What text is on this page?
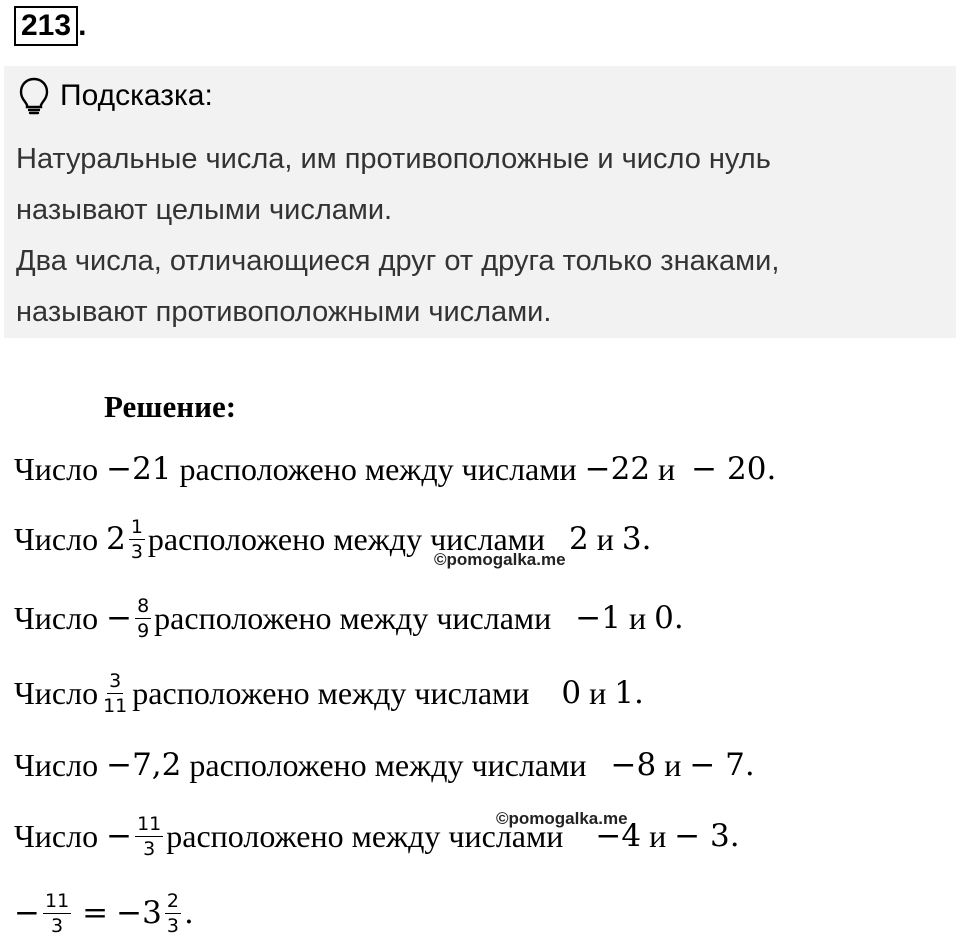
213 .
Подсказка:
Натуральные числа, им противоположные и число нуль
называют целыми числами.
Два числа, отличающиеся друг от друга только знаками,
называют противоположными числами.
Решение:
Число
−21
расположено между числами
−22
и
− 20.
Число
$2 \frac{1}{3}$ расположено между числами
2
и
3.
Число
− $\frac{8}{9}$ расположено между числами
−1
и
0.
Число $\frac{3}{11}$ расположено между числами
0
и
1.
Число
−7,2
расположено между числами
−8
и
− 7.
Число
− $\frac{11}{3}$ расположено между числами
−4
и
− 3.
− $\frac{11}{3}$
=
− $3 \frac{2}{3}$ .
©pomogalka.me
©pomogalka.me
